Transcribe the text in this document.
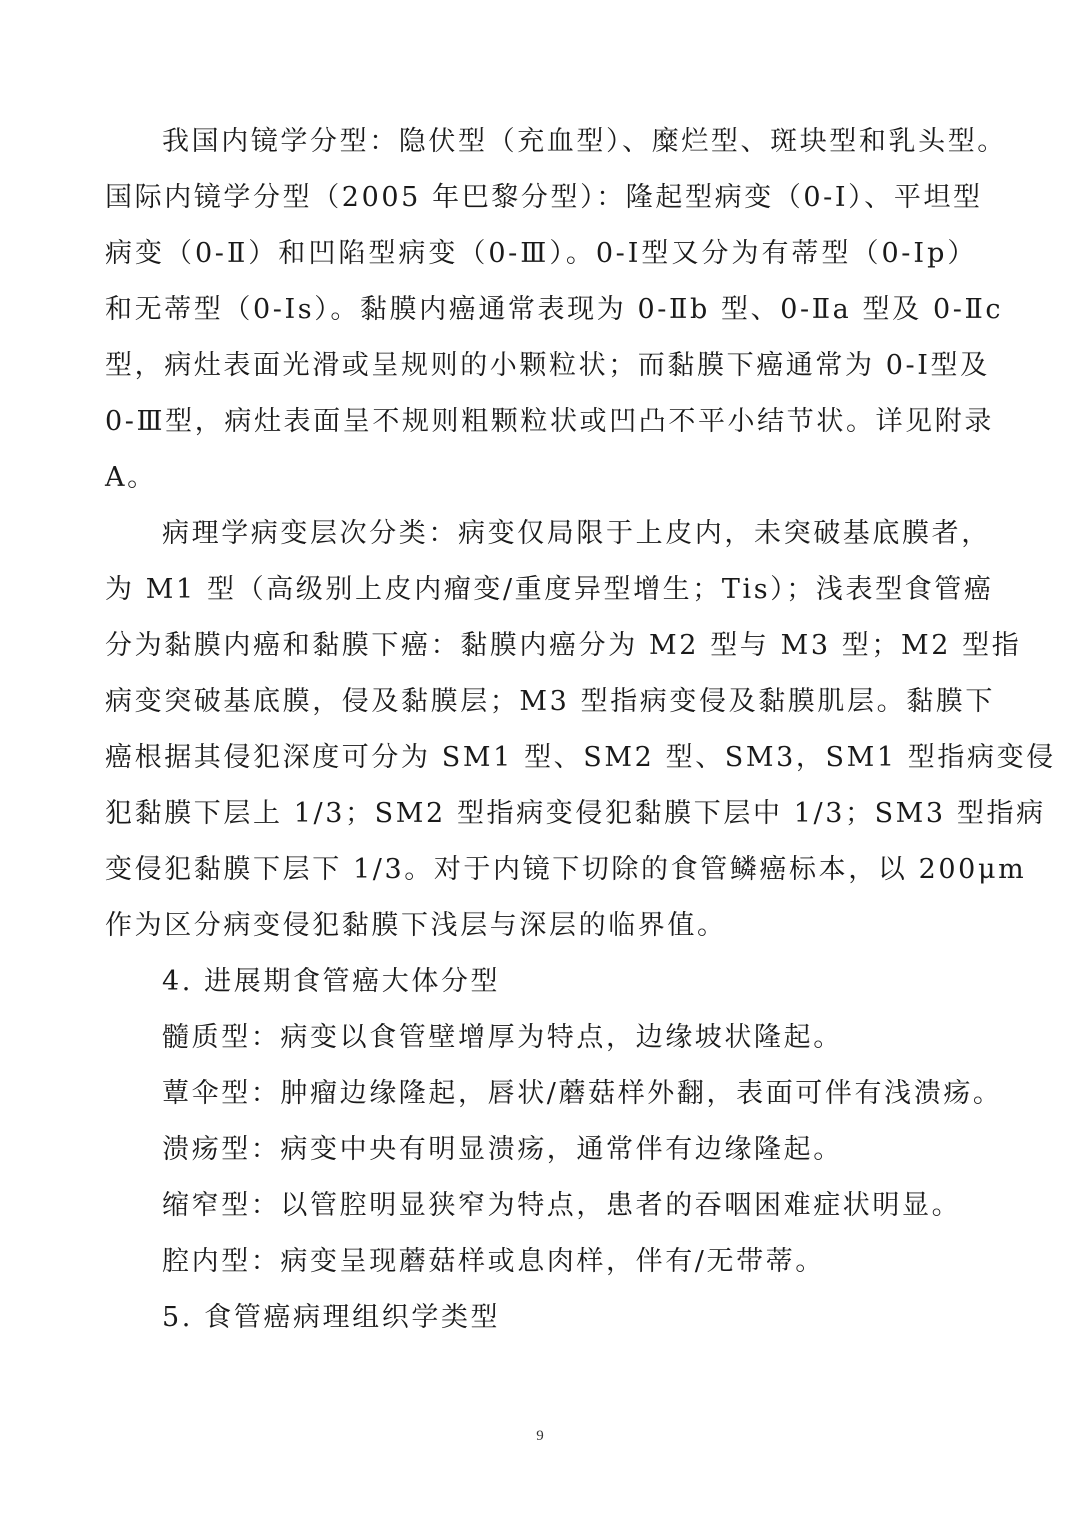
我国内镜学分型：隐伏型（充血型）、糜烂型、斑块型和乳头型。
国际内镜学分型（2005 年巴黎分型）：隆起型病变（0-Ⅰ）、平坦型
病变（0-Ⅱ）和凹陷型病变（0-Ⅲ）。0-Ⅰ型又分为有蒂型（0-Ⅰp）
和无蒂型（0-Ⅰs）。黏膜内癌通常表现为 0-Ⅱb 型、0-Ⅱa 型及 0-Ⅱc
型，病灶表面光滑或呈规则的小颗粒状；而黏膜下癌通常为 0-Ⅰ型及
0-Ⅲ型，病灶表面呈不规则粗颗粒状或凹凸不平小结节状。详见附录
A。
病理学病变层次分类：病变仅局限于上皮内，未突破基底膜者，
为 M1 型（高级别上皮内瘤变/重度异型增生；Tis）；浅表型食管癌
分为黏膜内癌和黏膜下癌：黏膜内癌分为 M2 型与 M3 型；M2 型指
病变突破基底膜，侵及黏膜层；M3 型指病变侵及黏膜肌层。黏膜下
癌根据其侵犯深度可分为 SM1 型、SM2 型、SM3，SM1 型指病变侵
犯黏膜下层上 1/3；SM2 型指病变侵犯黏膜下层中 1/3；SM3 型指病
变侵犯黏膜下层下 1/3。对于内镜下切除的食管鳞癌标本，以 200μm
作为区分病变侵犯黏膜下浅层与深层的临界值。
4. 进展期食管癌大体分型
髓质型：病变以食管壁增厚为特点，边缘坡状隆起。
蕈伞型：肿瘤边缘隆起，唇状/蘑菇样外翻，表面可伴有浅溃疡。
溃疡型：病变中央有明显溃疡，通常伴有边缘隆起。
缩窄型：以管腔明显狭窄为特点，患者的吞咽困难症状明显。
腔内型：病变呈现蘑菇样或息肉样，伴有/无带蒂。
5. 食管癌病理组织学类型
9
